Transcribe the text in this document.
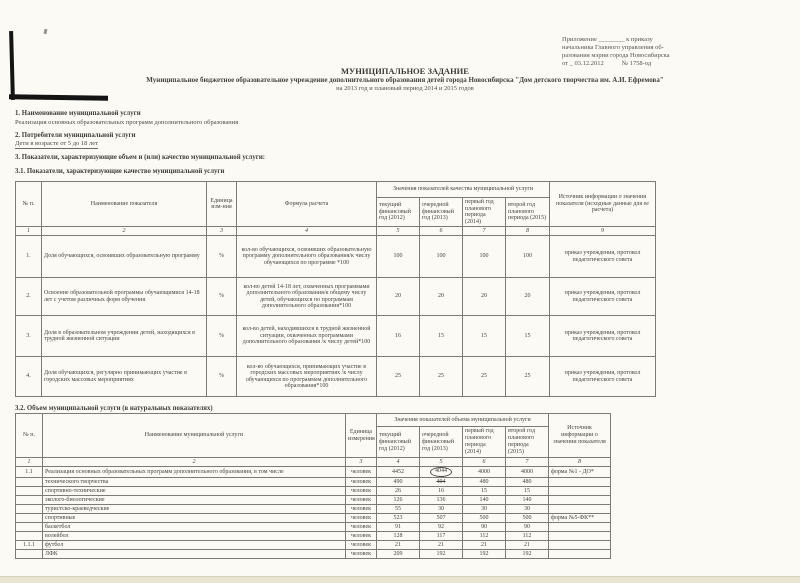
Приложение ________ к приказу
начальника Главного управления об-
разования мэрии города Новосибирска
от _ 03.12.2012	№ 1758-од
МУНИЦИПАЛЬНОЕ ЗАДАНИЕ
Муниципальное бюджетное образовательное учреждение дополнительного образования детей города Новосибирска "Дом детского творчества им. А.И. Ефремова"
на 2013 год и плановый период 2014 и 2015 годов
1. Наименование муниципальной услуги
Реализация основных образовательных программ дополнительного образования
2. Потребители муниципальной услуги
Дети в возрасте от 5 до 18 лет
3. Показатели, характеризующие объем и (или) качество муниципальной услуги:
3.1. Показатели, характеризующие качество муниципальной услуги
№ п.	Наименование показателя	Единица изм-ния	Формула расчета	Значения показателей качества муниципальной услуги				Источник информации о значении показателя (исходные данные для ее расчета)
				текущий финансовый год (2012)	очередной финансовый год (2013)	первый год планового периода (2014)	второй год планового периода (2015)	
1	2	3	4	5	6	7	8	9
1.	Доля обучающихся, освоивших образовательную программу	%	кол-во обучающихся, освоивших образовательную программу дополнительного образования/к числу обучающихся по программе *100	100	100	100	100	приказ учреждения, протокол педагогического совета
2.	Освоение образовательной программы обучающимися 14-18 лет с учетом различных форм обучения	%	кол-во детей 14-18 лет, охваченных программами дополнительного образования/к общему числу детей, обучающихся по программам дополнительного образования*100	20	20	20	20	приказ учреждения, протокол педагогического совета
3.	Доля в образовательном учреждении детей, находящихся в трудной жизненной ситуации	%	кол-во детей, находившихся в трудной жизненной ситуации, охваченных программами дополнительного образования /к числу детей*100	16	15	15	15	приказ учреждения, протокол педагогического совета
4.	Доля обучающихся, регулярно принимающих участие в городских массовых мероприятиях	%	кол-во обучающихся, принимающих участие в городских массовых мероприятиях /к числу обучающихся по программам дополнительного образования*100	25	25	25	25	приказ учреждения, протокол педагогического совета
3.2. Объем муниципальной услуги (в натуральных показателях)
№ п.	Наименование муниципальной услуги	Единица измерения	Значения показателей объема муниципальной услуги				Источник информации о значении показателя
			текущий финансовый год (2012)	очередной финансовый год (2013)	первый год планового периода (2014)	второй год планового периода (2015)	
1	2	3	4	5	6	7	8
1.1	Реализация основных образовательных программ дополнительного образования, в том числе	человек	4452	4044	4000	4000	форма №1 - ДО*
	технического творчества	человек	490	494	480	480	
	спортивно-технические	человек	26	16	15	15	
	эколого-биологические	человек	126	136	140	140	
	туристско-краеведческие	человек	55	30	30	30	
	спортивные	человек	523	507	500	500	форма №5-ФК**
	баскетбол	человек	91	92	90	90	
	волейбол	человек	128	117	112	112	
1.1.1	футбол	человек	21	21	21	21	
	ЛФК	человек	209	192	192	192	
